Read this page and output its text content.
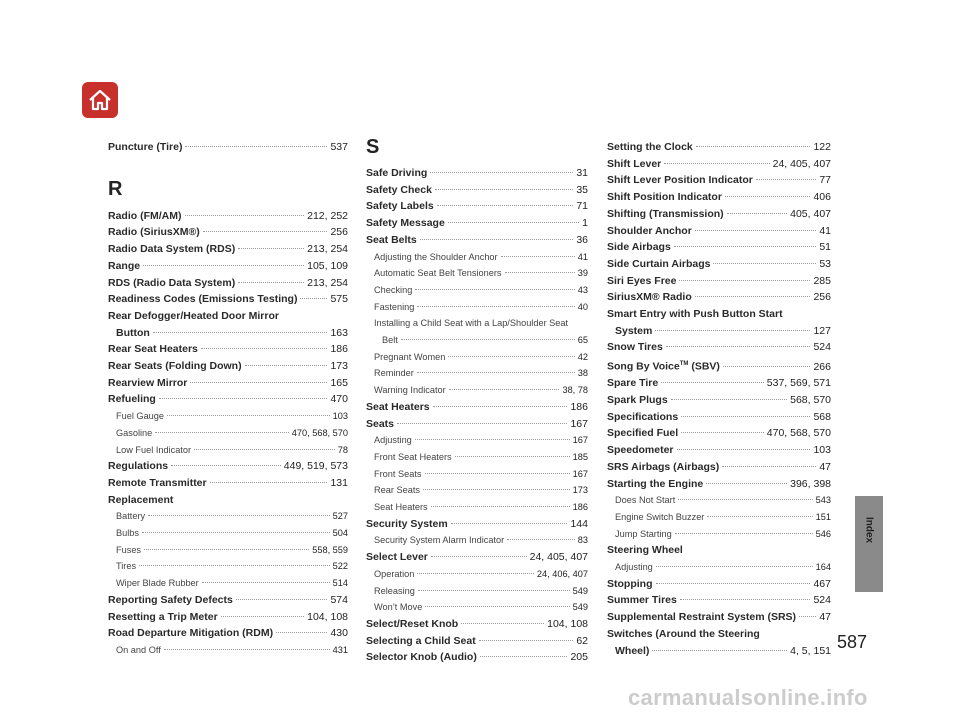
Index
Puncture (Tire)	537
R
Radio (FM/AM)	212, 252
Radio (SiriusXM®)	256
Radio Data System (RDS)	213, 254
Range	105, 109
RDS (Radio Data System)	213, 254
Readiness Codes (Emissions Testing)	575
Rear Defogger/Heated Door Mirror
Button	163
Rear Seat Heaters	186
Rear Seats (Folding Down)	173
Rearview Mirror	165
Refueling	470
Fuel Gauge	103
Gasoline	470, 568, 570
Low Fuel Indicator	78
Regulations	449, 519, 573
Remote Transmitter	131
Replacement
Battery	527
Bulbs	504
Fuses	558, 559
Tires	522
Wiper Blade Rubber	514
Reporting Safety Defects	574
Resetting a Trip Meter	104, 108
Road Departure Mitigation (RDM)	430
On and Off	431
S
Safe Driving	31
Safety Check	35
Safety Labels	71
Safety Message	1
Seat Belts	36
Adjusting the Shoulder Anchor	41
Automatic Seat Belt Tensioners	39
Checking	43
Fastening	40
Installing a Child Seat with a Lap/Shoulder Seat
Belt	65
Pregnant Women	42
Reminder	38
Warning Indicator	38, 78
Seat Heaters	186
Seats	167
Adjusting	167
Front Seat Heaters	185
Front Seats	167
Rear Seats	173
Seat Heaters	186
Security System	144
Security System Alarm Indicator	83
Select Lever	24, 405, 407
Operation	24, 406, 407
Releasing	549
Won’t Move	549
Select/Reset Knob	104, 108
Selecting a Child Seat	62
Selector Knob (Audio)	205
Setting the Clock	122
Shift Lever	24, 405, 407
Shift Lever Position Indicator	77
Shift Position Indicator	406
Shifting (Transmission)	405, 407
Shoulder Anchor	41
Side Airbags	51
Side Curtain Airbags	53
Siri Eyes Free	285
SiriusXM® Radio	256
Smart Entry with Push Button Start
System	127
Snow Tires	524
Song By Voice™ (SBV)	266
Spare Tire	537, 569, 571
Spark Plugs	568, 570
Specifications	568
Specified Fuel	470, 568, 570
Speedometer	103
SRS Airbags (Airbags)	47
Starting the Engine	396, 398
Does Not Start	543
Engine Switch Buzzer	151
Jump Starting	546
Steering Wheel
Adjusting	164
Stopping	467
Summer Tires	524
Supplemental Restraint System (SRS) 47
Switches (Around the Steering
Wheel)	4, 5, 151 587
carmanualsonline.info
